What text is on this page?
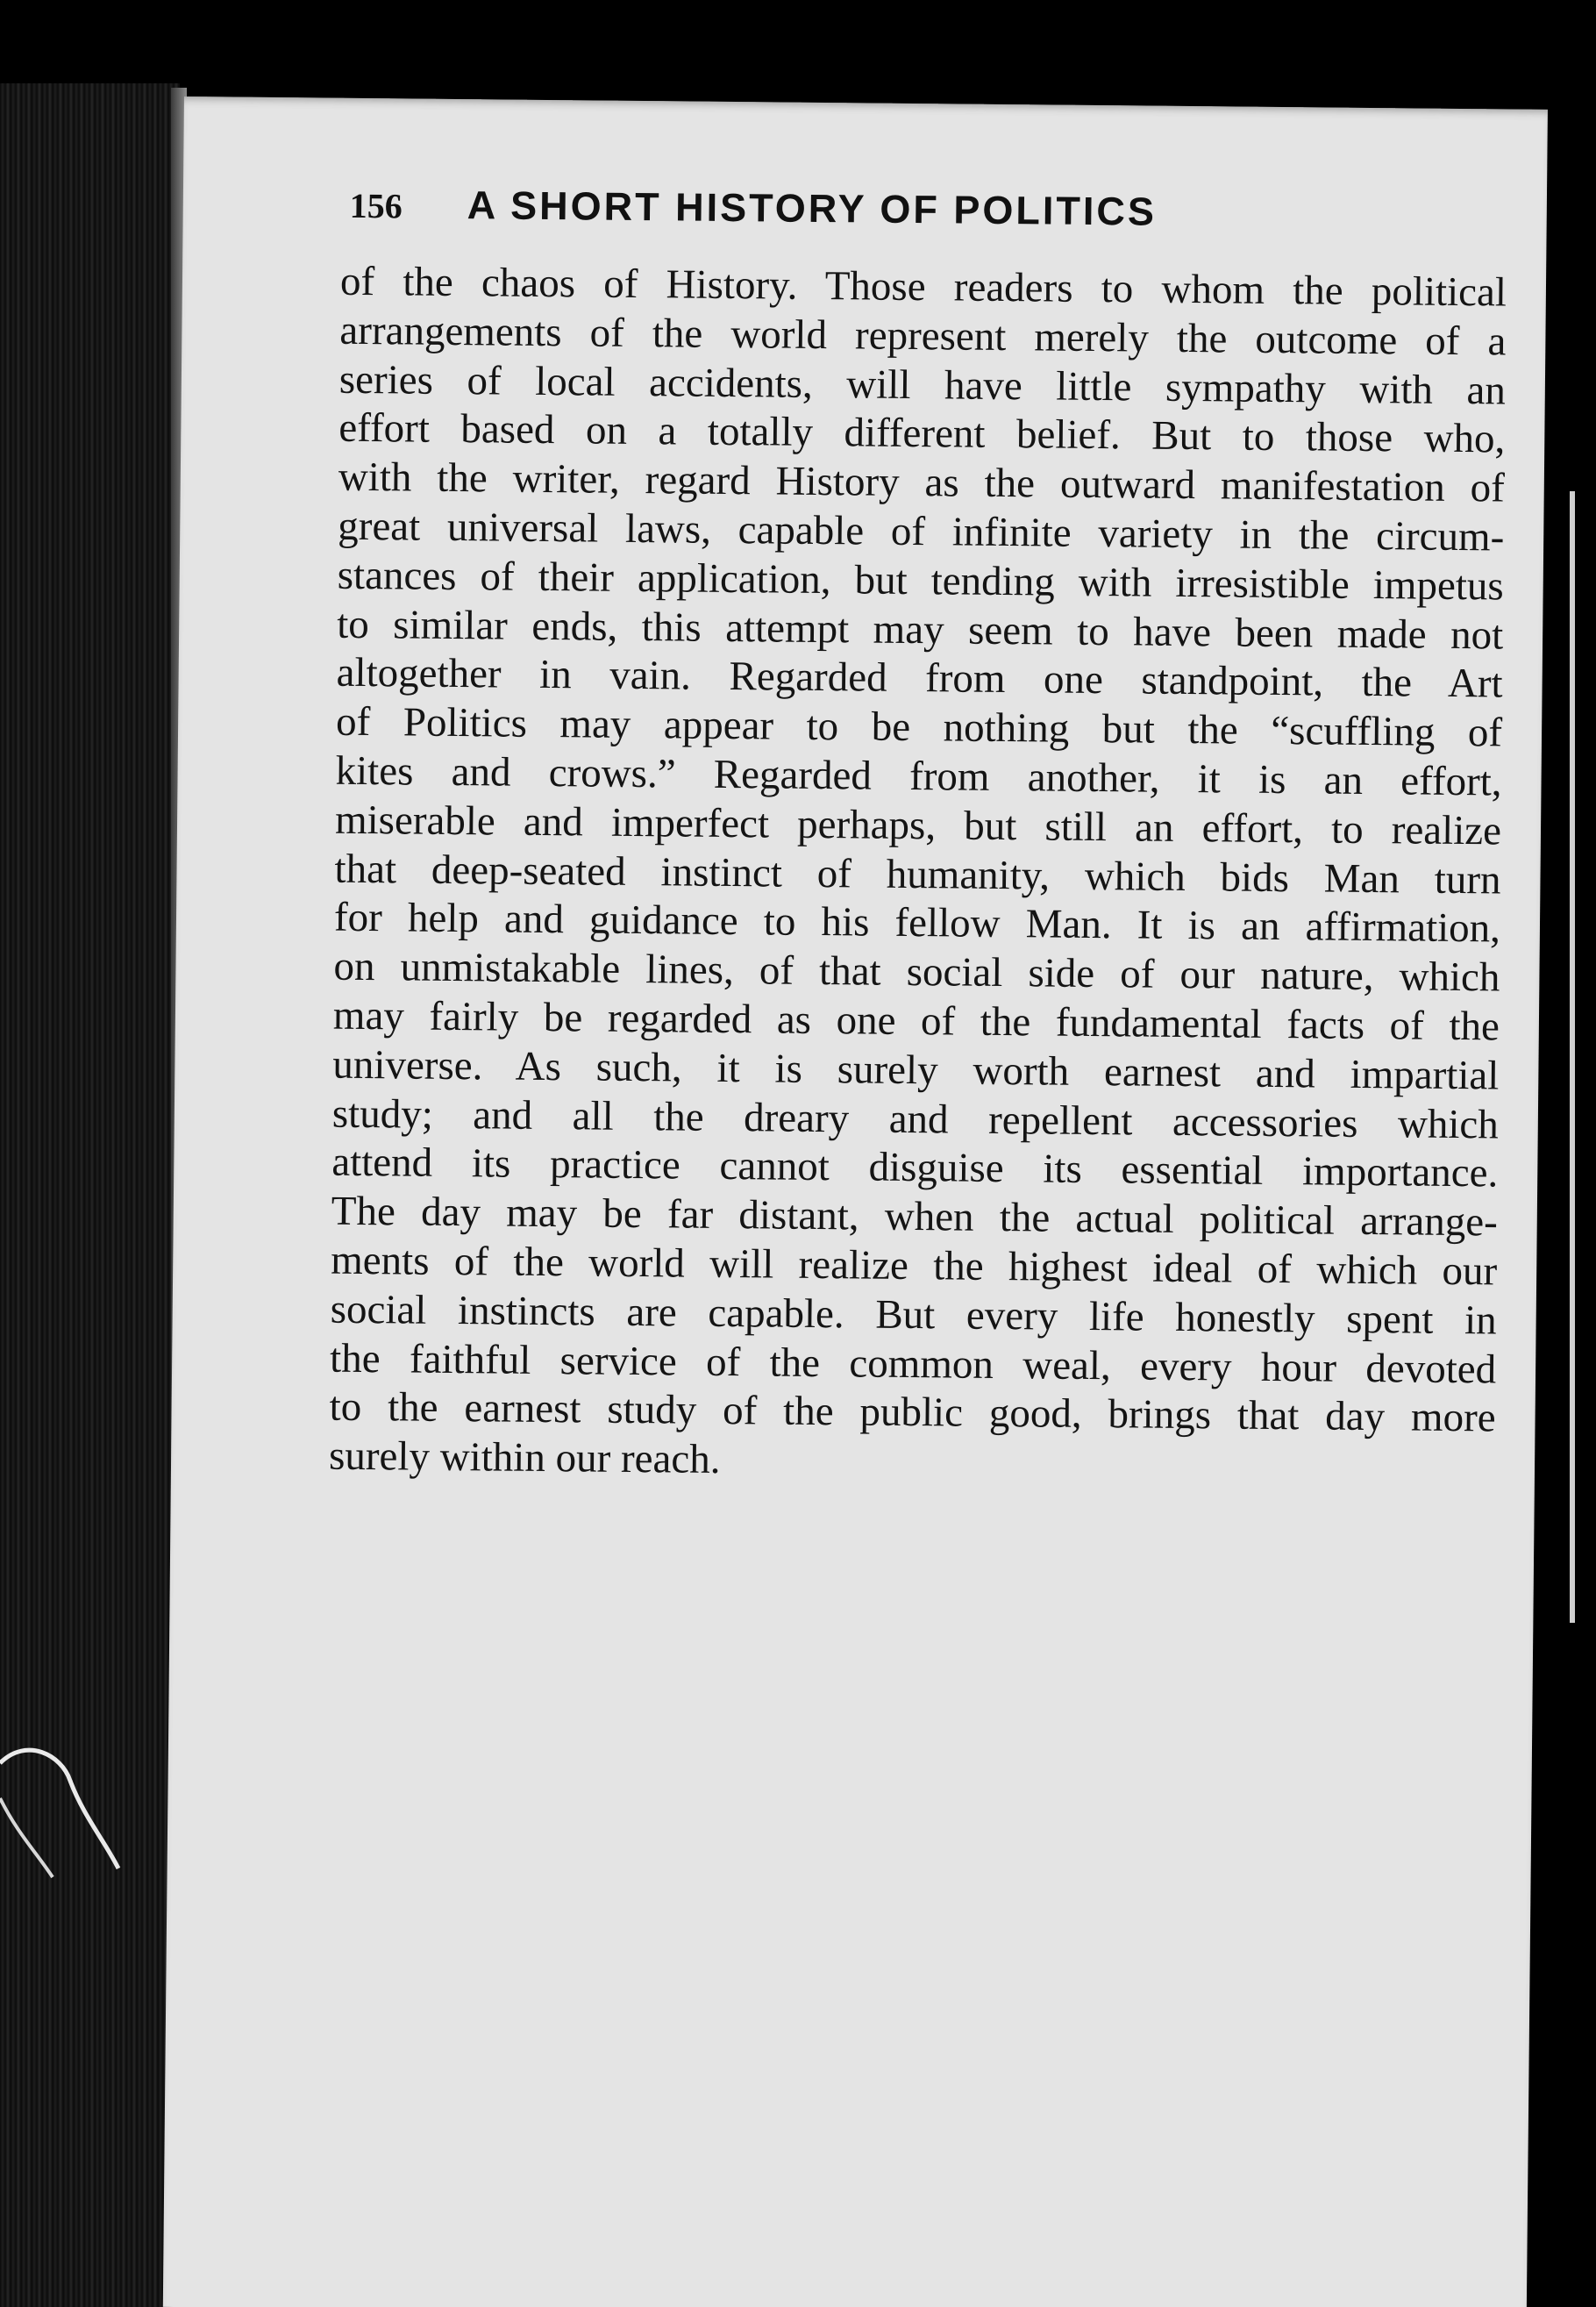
156 A SHORT HISTORY OF POLITICS
of the chaos of History. Those readers to whom the political
arrangements of the world represent merely the outcome of a
series of local accidents, will have little sympathy with an
effort based on a totally different belief. But to those who,
with the writer, regard History as the outward manifestation of
great universal laws, capable of infinite variety in the circum-
stances of their application, but tending with irresistible impetus
to similar ends, this attempt may seem to have been made not
altogether in vain. Regarded from one standpoint, the Art
of Politics may appear to be nothing but the “scuffling of
kites and crows.” Regarded from another, it is an effort,
miserable and imperfect perhaps, but still an effort, to realize
that deep-seated instinct of humanity, which bids Man turn
for help and guidance to his fellow Man. It is an affirmation,
on unmistakable lines, of that social side of our nature, which
may fairly be regarded as one of the fundamental facts of the
universe. As such, it is surely worth earnest and impartial
study; and all the dreary and repellent accessories which
attend its practice cannot disguise its essential importance.
The day may be far distant, when the actual political arrange-
ments of the world will realize the highest ideal of which our
social instincts are capable. But every life honestly spent in
the faithful service of the common weal, every hour devoted
to the earnest study of the public good, brings that day more
surely within our reach.
